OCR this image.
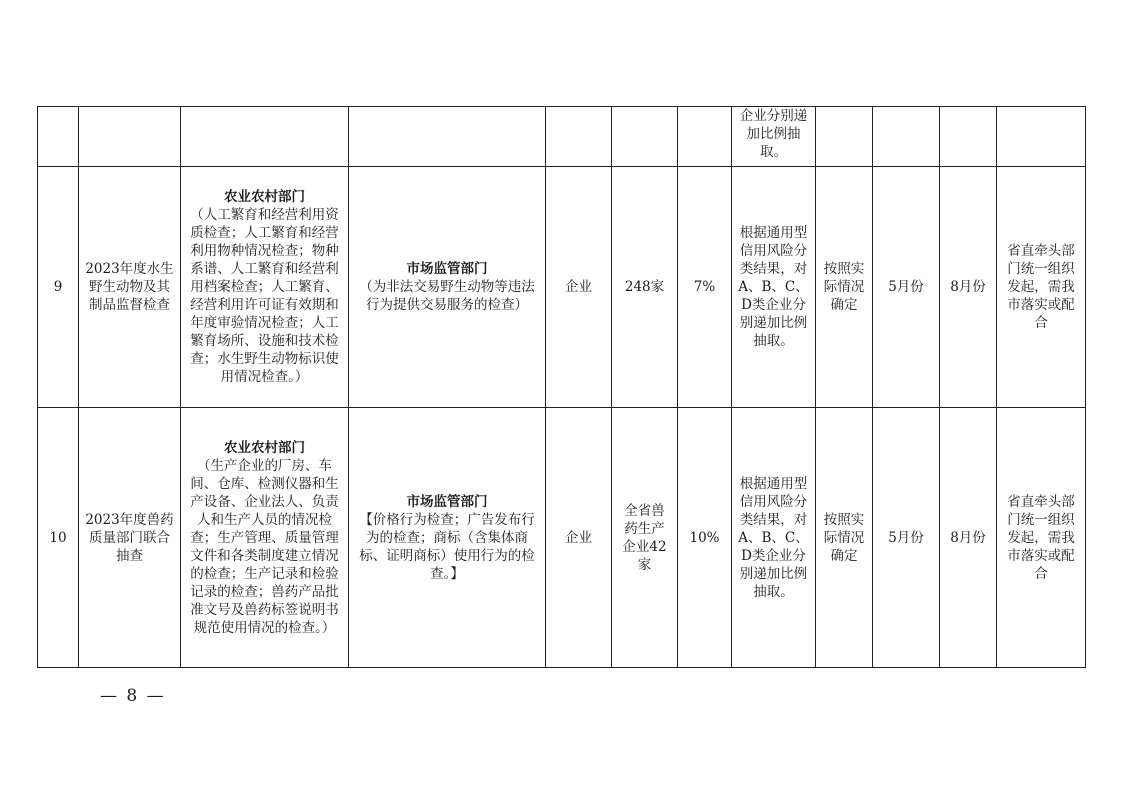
							企业分别递加比例抽取。				
9	2023年度水生野生动物及其制品监督检查	农业农村部门
（人工繁育和经营利用资质检查；人工繁育和经营利用物种情况检查；物种系谱、人工繁育和经营利用档案检查；人工繁育、经营利用许可证有效期和年度审验情况检查；人工繁育场所、设施和技术检查；水生野生动物标识使用情况检查。）	市场监管部门
（为非法交易野生动物等违法行为提供交易服务的检查）	企业	248家	7%	根据通用型信用风险分类结果，对A、B、C、D类企业分别递加比例抽取。	按照实际情况确定	5月份	8月份	省直牵头部门统一组织发起，需我市落实或配合
10	2023年度兽药质量部门联合抽查	农业农村部门
（生产企业的厂房、车间、仓库、检测仪器和生产设备、企业法人、负责人和生产人员的情况检查；生产管理、质量管理文件和各类制度建立情况的检查；生产记录和检验记录的检查；兽药产品批准文号及兽药标签说明书规范使用情况的检查。）	市场监管部门
【价格行为检查；广告发布行为的检查；商标（含集体商标、证明商标）使用行为的检查。】	企业	全省兽药生产企业42家	10%	根据通用型信用风险分类结果，对A、B、C、D类企业分别递加比例抽取。	按照实际情况确定	5月份	8月份	省直牵头部门统一组织发起，需我市落实或配合
— 8 —
